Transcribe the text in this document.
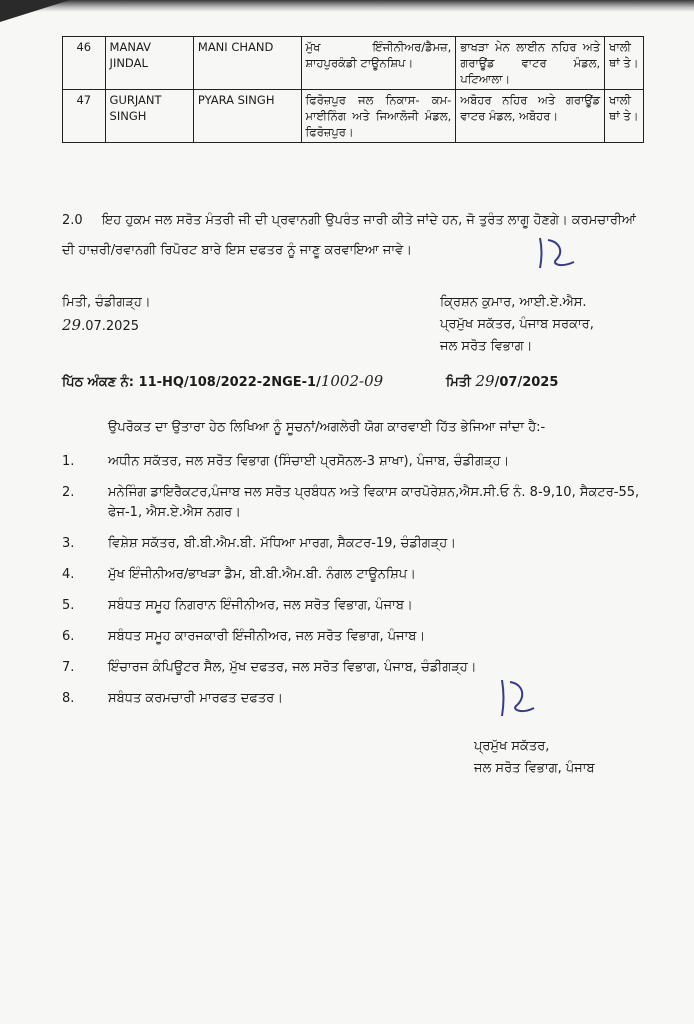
46	MANAV JINDAL	MANI CHAND	ਮੁੱਖ ਇੰਜੀਨੀਅਰ/ਡੈਮਜ਼, ਸ਼ਾਹਪੁਰਕੰਡੀ ਟਾਊਨਸ਼ਿਪ।	ਭਾਖੜਾ ਮੇਨ ਲਾਈਨ ਨਹਿਰ ਅਤੇ ਗਰਾਊਂਡ ਵਾਟਰ ਮੰਡਲ, ਪਟਿਆਲਾ।	ਖਾਲੀ ਥਾਂ ਤੇ।
47	GURJANT SINGH	PYARA SINGH	ਫਿਰੋਜ਼ਪੁਰ ਜਲ ਨਿਕਾਸ- ਕਮ- ਮਾਈਨਿੰਗ ਅਤੇ ਜਿਆਲੋਜੀ ਮੰਡਲ, ਫਿਰੋਜ਼ਪੁਰ।	ਅਬੋਹਰ ਨਹਿਰ ਅਤੇ ਗਰਾਊਂਡ ਵਾਟਰ ਮੰਡਲ, ਅਬੋਹਰ।	ਖਾਲੀ ਥਾਂ ਤੇ।
2.0 ਇਹ ਹੁਕਮ ਜਲ ਸਰੋਤ ਮੰਤਰੀ ਜੀ ਦੀ ਪ੍ਰਵਾਨਗੀ ਉਪਰੰਤ ਜਾਰੀ ਕੀਤੇ ਜਾਂਦੇ ਹਨ, ਜੋ ਤੁਰੰਤ ਲਾਗੂ ਹੋਣਗੇ। ਕਰਮਚਾਰੀਆਂ ਦੀ ਹਾਜ਼ਰੀ/ਰਵਾਨਗੀ ਰਿਪੋਰਟ ਬਾਰੇ ਇਸ ਦਫਤਰ ਨੂੰ ਜਾਣੂ ਕਰਵਾਇਆ ਜਾਵੇ।
ਮਿਤੀ, ਚੰਡੀਗੜ੍ਹ।
29.07.2025
ਕ੍ਰਿਸ਼ਨ ਕੁਮਾਰ, ਆਈ.ਏ.ਐਸ.
ਪ੍ਰਮੁੱਖ ਸਕੱਤਰ, ਪੰਜਾਬ ਸਰਕਾਰ,
ਜਲ ਸਰੋਤ ਵਿਭਾਗ।
ਪਿੱਠ ਅੰਕਣ ਨੰ: 11-HQ/108/2022-2NGE-1/1002-09	ਮਿਤੀ 29/07/2025
ਉਪਰੋਕਤ ਦਾ ਉਤਾਰਾ ਹੇਠ ਲਿਖਿਆ ਨੂੰ ਸੂਚਨਾਂ/ਅਗਲੇਰੀ ਯੋਗ ਕਾਰਵਾਈ ਹਿੱਤ ਭੇਜਿਆ ਜਾਂਦਾ ਹੈ:-
1.	ਅਧੀਨ ਸਕੱਤਰ, ਜਲ ਸਰੋਤ ਵਿਭਾਗ (ਸਿੰਚਾਈ ਪ੍ਰਸੋਨਲ-3 ਸ਼ਾਖਾ), ਪੰਜਾਬ, ਚੰਡੀਗੜ੍ਹ।
2.	ਮਨੇਜਿੰਗ ਡਾਇਰੈਕਟਰ,ਪੰਜਾਬ ਜਲ ਸਰੋਤ ਪ੍ਰਬੰਧਨ ਅਤੇ ਵਿਕਾਸ ਕਾਰਪੋਰੇਸ਼ਨ,ਐਸ.ਸੀ.ਓ ਨੰ. 8-9,10, ਸੈਕਟਰ-55, ਫੇਜ-1, ਐਸ.ਏ.ਐਸ ਨਗਰ।
3.	ਵਿਸ਼ੇਸ਼ ਸਕੱਤਰ, ਬੀ.ਬੀ.ਐਮ.ਬੀ. ਮੱਧਿਆ ਮਾਰਗ, ਸੈਕਟਰ-19, ਚੰਡੀਗੜ੍ਹ।
4.	ਮੁੱਖ ਇੰਜੀਨੀਅਰ/ਭਾਖੜਾ ਡੈਮ, ਬੀ.ਬੀ.ਐਮ.ਬੀ. ਨੰਗਲ ਟਾਊਨਸ਼ਿਪ।
5.	ਸਬੰਧਤ ਸਮੂਹ ਨਿਗਰਾਨ ਇੰਜੀਨੀਅਰ, ਜਲ ਸਰੋਤ ਵਿਭਾਗ, ਪੰਜਾਬ।
6.	ਸਬੰਧਤ ਸਮੂਹ ਕਾਰਜਕਾਰੀ ਇੰਜੀਨੀਅਰ, ਜਲ ਸਰੋਤ ਵਿਭਾਗ, ਪੰਜਾਬ।
7.	ਇੰਚਾਰਜ ਕੰਪਿਊਟਰ ਸੈਲ, ਮੁੱਖ ਦਫਤਰ, ਜਲ ਸਰੋਤ ਵਿਭਾਗ, ਪੰਜਾਬ, ਚੰਡੀਗੜ੍ਹ।
8.	ਸਬੰਧਤ ਕਰਮਚਾਰੀ ਮਾਰਫਤ ਦਫਤਰ।
ਪ੍ਰਮੁੱਖ ਸਕੱਤਰ,
ਜਲ ਸਰੋਤ ਵਿਭਾਗ, ਪੰਜਾਬ
